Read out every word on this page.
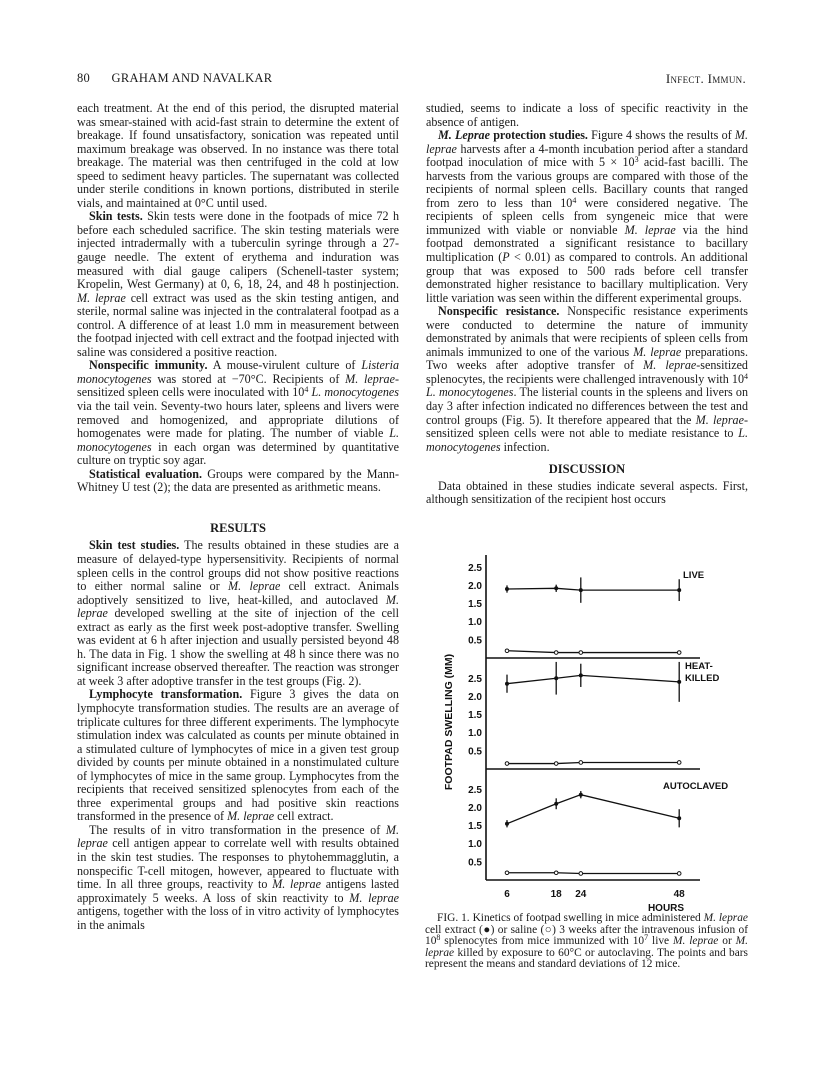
80 GRAHAM AND NAVALKAR	Infect. Immun.

each treatment. At the end of this period, the disrupted material was smear-stained with acid-fast strain to determine the extent of breakage. If found unsatisfactory, sonication was repeated until maximum breakage was observed. In no instance was there total breakage. The material was then centrifuged in the cold at low speed to sediment heavy particles. The supernatant was collected under sterile conditions in known portions, distributed in sterile vials, and maintained at 0°C until used.

Skin tests. Skin tests were done in the footpads of mice 72 h before each scheduled sacrifice. The skin testing materials were injected intradermally with a tuberculin syringe through a 27-gauge needle. The extent of erythema and induration was measured with dial gauge calipers (Schenell-taster system; Kropelin, West Germany) at 0, 6, 18, 24, and 48 h postinjection. M. leprae cell extract was used as the skin testing antigen, and sterile, normal saline was injected in the contralateral footpad as a control. A difference of at least 1.0 mm in measurement between the footpad injected with cell extract and the footpad injected with saline was considered a positive reaction.

Nonspecific immunity. A mouse-virulent culture of Listeria monocytogenes was stored at −70°C. Recipients of M. leprae-sensitized spleen cells were inoculated with $10^4$ L. monocytogenes via the tail vein. Seventy-two hours later, spleens and livers were removed and homogenized, and appropriate dilutions of homogenates were made for plating. The number of viable L. monocytogenes in each organ was determined by quantitative culture on tryptic soy agar.

Statistical evaluation. Groups were compared by the Mann-Whitney U test (2); the data are presented as arithmetic means.

RESULTS

Skin test studies. The results obtained in these studies are a measure of delayed-type hypersensitivity. Recipients of normal spleen cells in the control groups did not show positive reactions to either normal saline or M. leprae cell extract. Animals adoptively sensitized to live, heat-killed, and autoclaved M. leprae developed swelling at the site of injection of the cell extract as early as the first week post-adoptive transfer. Swelling was evident at 6 h after injection and usually persisted beyond 48 h. The data in Fig. 1 show the swelling at 48 h since there was no significant increase observed thereafter. The reaction was stronger at week 3 after adoptive transfer in the test groups (Fig. 2).

Lymphocyte transformation. Figure 3 gives the data on lymphocyte transformation studies. The results are an average of triplicate cultures for three different experiments. The lymphocyte stimulation index was calculated as counts per minute obtained in a stimulated culture of lymphocytes of mice in a given test group divided by counts per minute obtained in a nonstimulated culture of lymphocytes of mice in the same group. Lymphocytes from the recipients that received sensitized splenocytes from each of the three experimental groups and had positive skin reactions transformed in the presence of M. leprae cell extract.

The results of in vitro transformation in the presence of M. leprae cell antigen appear to correlate well with results obtained in the skin test studies. The responses to phytohemmagglutin, a nonspecific T-cell mitogen, however, appeared to fluctuate with time. In all three groups, reactivity to M. leprae antigens lasted approximately 5 weeks. A loss of skin reactivity to M. leprae antigens, together with the loss of in vitro activity of lymphocytes in the animals

studied, seems to indicate a loss of specific reactivity in the absence of antigen.

M. Leprae protection studies. Figure 4 shows the results of M. leprae harvests after a 4-month incubation period after a standard footpad inoculation of mice with $5 \times 10^3$ acid-fast bacilli. The harvests from the various groups are compared with those of the recipients of normal spleen cells. Bacillary counts that ranged from zero to less than $10^4$ were considered negative. The recipients of spleen cells from syngeneic mice that were immunized with viable or nonviable M. leprae via the hind footpad demonstrated a significant resistance to bacillary multiplication (P < 0.01) as compared to controls. An additional group that was exposed to 500 rads before cell transfer demonstrated higher resistance to bacillary multiplication. Very little variation was seen within the different experimental groups.

Nonspecific resistance. Nonspecific resistance experiments were conducted to determine the nature of immunity demonstrated by animals that were recipients of spleen cells from animals immunized to one of the various M. leprae preparations. Two weeks after adoptive transfer of M. leprae-sensitized splenocytes, the recipients were challenged intravenously with $10^4$ L. monocytogenes. The listerial counts in the spleens and livers on day 3 after infection indicated no differences between the test and control groups (Fig. 5). It therefore appeared that the M. leprae-sensitized spleen cells were not able to mediate resistance to L. monocytogenes infection.

DISCUSSION

Data obtained in these studies indicate several aspects. First, although sensitization of the recipient host occurs

0.5
1.0
1.5
2.0
2.5
LIVE
0.5
1.0
1.5
2.0
2.5
HEAT-
KILLED
0.5
1.0
1.5
2.0
2.5	AUTOCLAVED
6	18 24	48
HOURS
FOOTPAD SWELLING (MM)

FIG. 1. Kinetics of footpad swelling in mice administered M. leprae cell extract (●) or saline (○) 3 weeks after the intravenous infusion of $10^8$ splenocytes from mice immunized with $10^7$ live M. leprae or M. leprae killed by exposure to 60°C or autoclaving. The points and bars represent the means and standard deviations of 12 mice.
